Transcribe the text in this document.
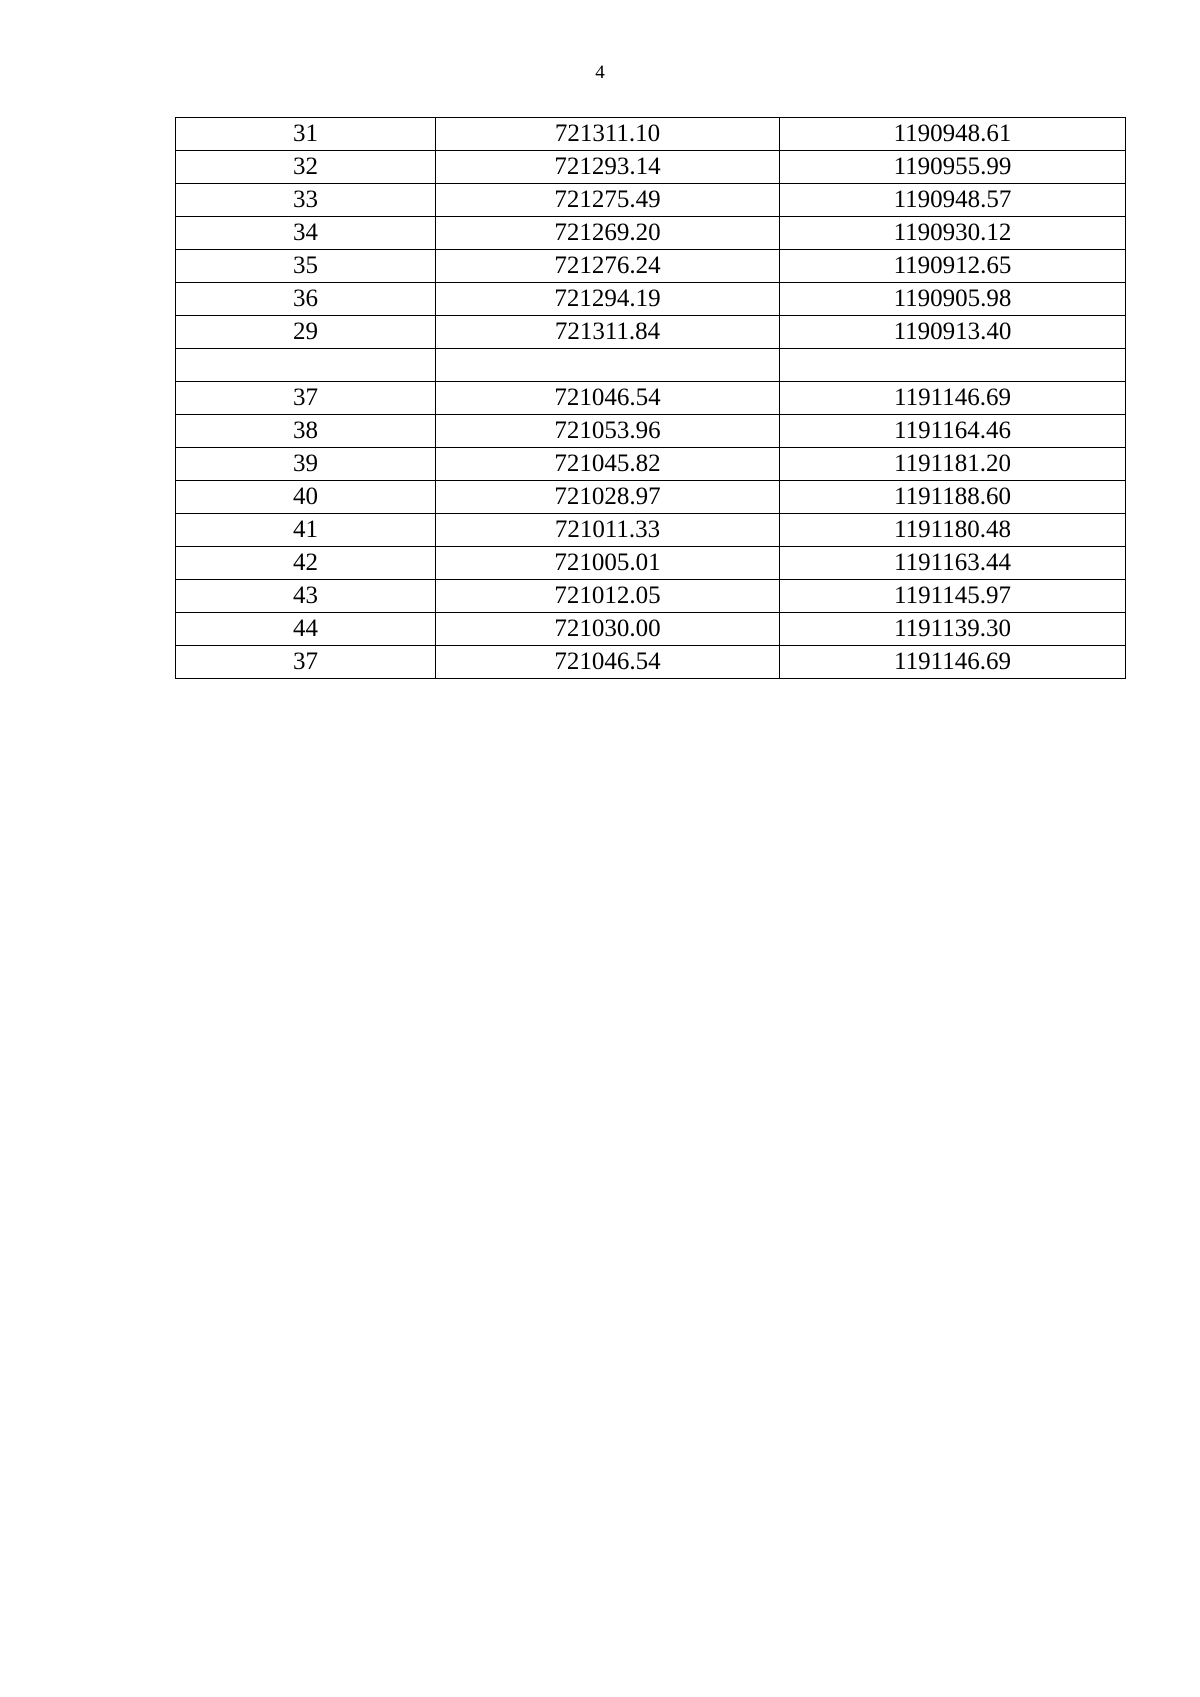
4
31	721311.10	1190948.61
32	721293.14	1190955.99
33	721275.49	1190948.57
34	721269.20	1190930.12
35	721276.24	1190912.65
36	721294.19	1190905.98
29	721311.84	1190913.40

37	721046.54	1191146.69
38	721053.96	1191164.46
39	721045.82	1191181.20
40	721028.97	1191188.60
41	721011.33	1191180.48
42	721005.01	1191163.44
43	721012.05	1191145.97
44	721030.00	1191139.30
37	721046.54	1191146.69
